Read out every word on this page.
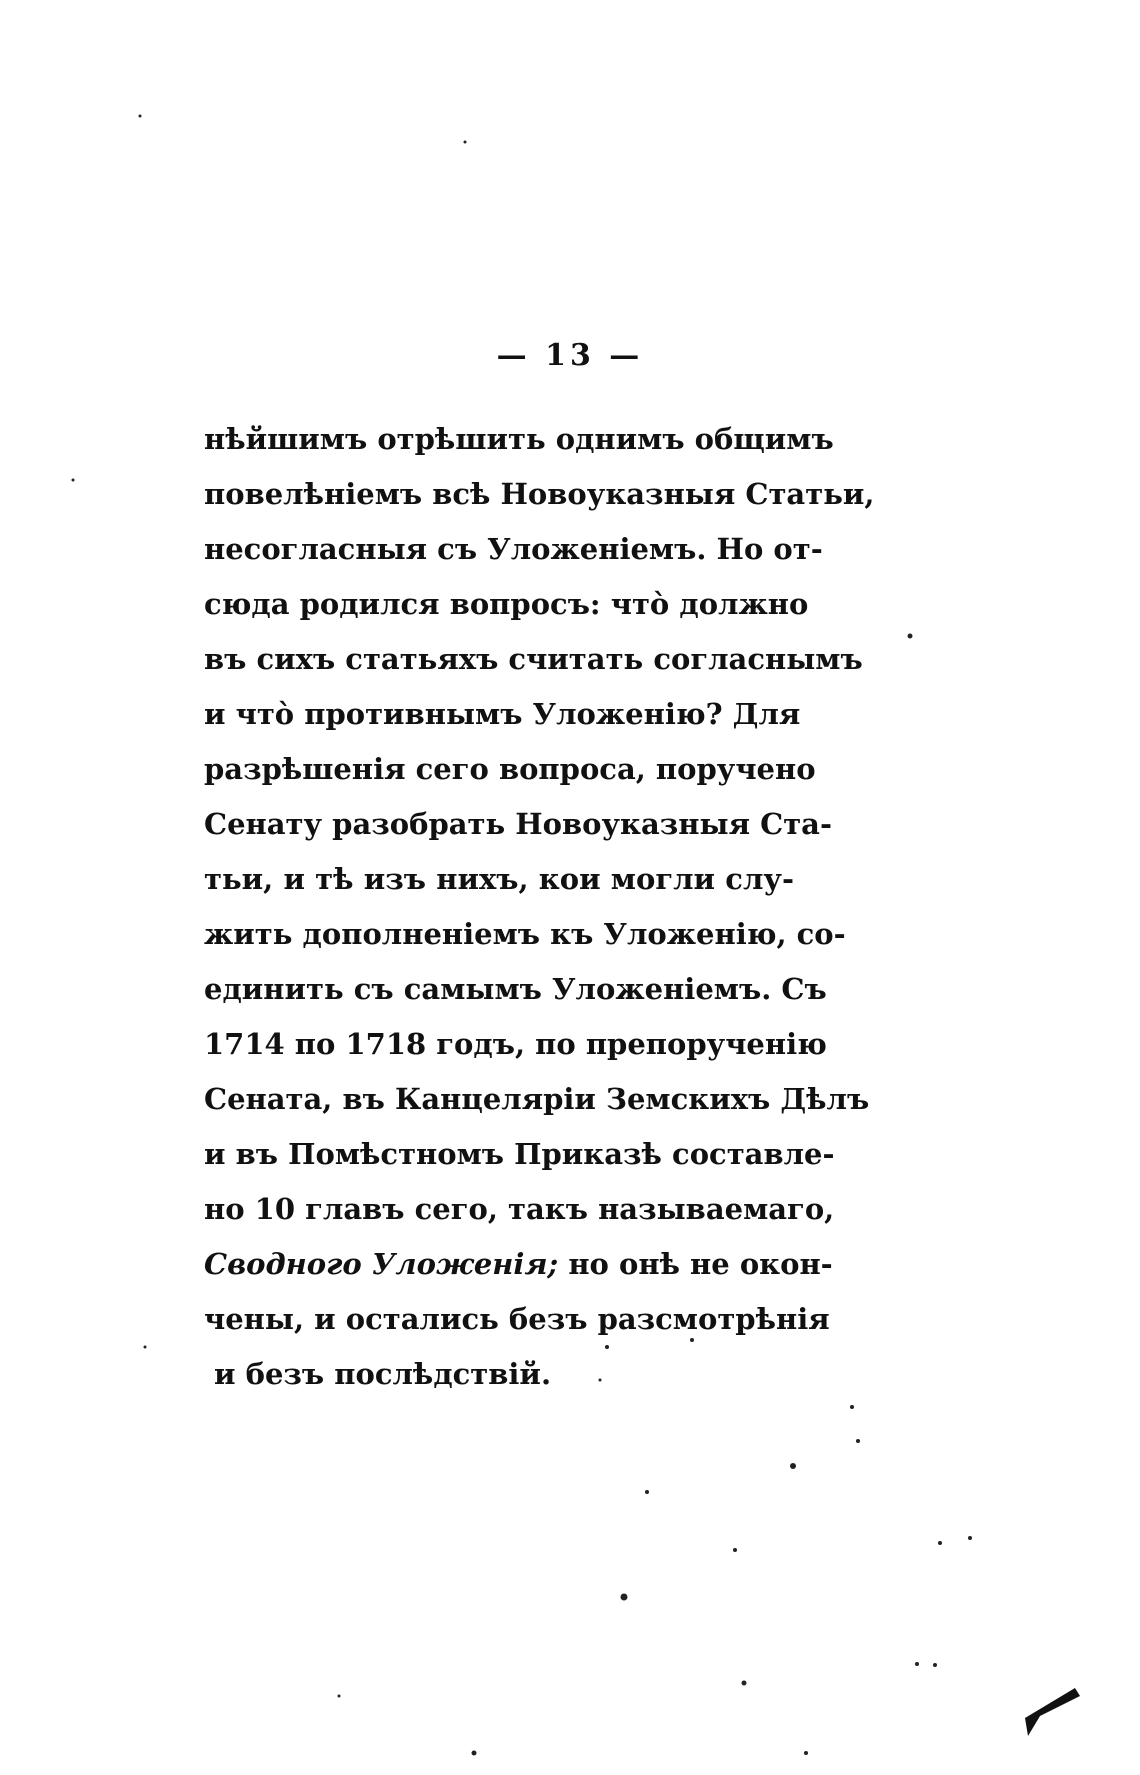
— 13 —
нѣйшимъ отрѣшить однимъ общимъ
повелѣніемъ всѣ Новоуказныя Статьи,
несогласныя съ Уложеніемъ. Но от-
сюда родился вопросъ: что̀ должно
въ сихъ статьяхъ считать согласнымъ
и что̀ противнымъ Уложенію? Для
разрѣшенія сего вопроса, поручено
Сенату разобрать Новоуказныя Ста-
тьи, и тѣ изъ нихъ, кои могли слу-
жить дополненіемъ къ Уложенію, со-
единить съ самымъ Уложеніемъ. Съ
1714 по 1718 годъ, по препорученію
Сената, въ Канцеляріи Земскихъ Дѣлъ
и въ Помѣстномъ Приказѣ составле-
но 10 главъ сего, такъ называемаго,
Сводного Уложенія; но онѣ не окон-
чены, и остались безъ разсмотрѣнія
и безъ послѣдствій.
